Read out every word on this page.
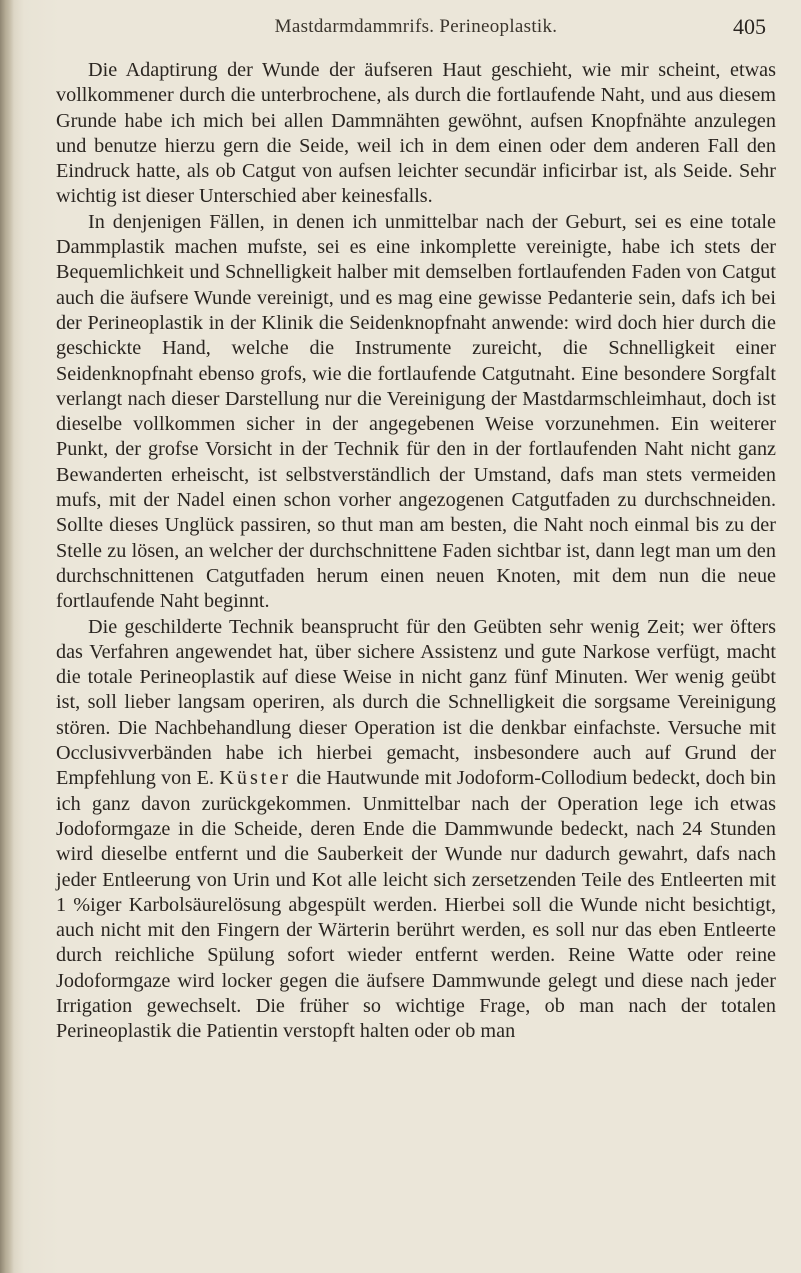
Mastdarmdammrifs. Perineoplastik.	405

Die Adaptirung der Wunde der äufseren Haut geschieht, wie mir scheint, etwas vollkommener durch die unterbrochene, als durch die fortlaufende Naht, und aus diesem Grunde habe ich mich bei allen Dammnähten gewöhnt, aufsen Knopfnähte anzulegen und benutze hierzu gern die Seide, weil ich in dem einen oder dem anderen Fall den Eindruck hatte, als ob Catgut von aufsen leichter secundär inficirbar ist, als Seide. Sehr wichtig ist dieser Unterschied aber keinesfalls.

In denjenigen Fällen, in denen ich unmittelbar nach der Geburt, sei es eine totale Dammplastik machen mufste, sei es eine inkomplette vereinigte, habe ich stets der Bequemlichkeit und Schnelligkeit halber mit demselben fortlaufenden Faden von Catgut auch die äufsere Wunde vereinigt, und es mag eine gewisse Pedanterie sein, dafs ich bei der Perineoplastik in der Klinik die Seidenknopfnaht anwende: wird doch hier durch die geschickte Hand, welche die Instrumente zureicht, die Schnelligkeit einer Seidenknopfnaht ebenso grofs, wie die fortlaufende Catgutnaht. Eine besondere Sorgfalt verlangt nach dieser Darstellung nur die Vereinigung der Mastdarmschleimhaut, doch ist dieselbe vollkommen sicher in der angegebenen Weise vorzunehmen. Ein weiterer Punkt, der grofse Vorsicht in der Technik für den in der fortlaufenden Naht nicht ganz Bewanderten erheischt, ist selbstverständlich der Umstand, dafs man stets vermeiden mufs, mit der Nadel einen schon vorher angezogenen Catgutfaden zu durchschneiden. Sollte dieses Unglück passiren, so thut man am besten, die Naht noch einmal bis zu der Stelle zu lösen, an welcher der durchschnittene Faden sichtbar ist, dann legt man um den durchschnittenen Catgutfaden herum einen neuen Knoten, mit dem nun die neue fortlaufende Naht beginnt.

Die geschilderte Technik beansprucht für den Geübten sehr wenig Zeit; wer öfters das Verfahren angewendet hat, über sichere Assistenz und gute Narkose verfügt, macht die totale Perineoplastik auf diese Weise in nicht ganz fünf Minuten. Wer wenig geübt ist, soll lieber langsam operiren, als durch die Schnelligkeit die sorgsame Vereinigung stören. Die Nachbehandlung dieser Operation ist die denkbar einfachste. Versuche mit Occlusivverbänden habe ich hierbei gemacht, insbesondere auch auf Grund der Empfehlung von E. Küster die Hautwunde mit Jodoform-Collodium bedeckt, doch bin ich ganz davon zurückgekommen. Unmittelbar nach der Operation lege ich etwas Jodoformgaze in die Scheide, deren Ende die Dammwunde bedeckt, nach 24 Stunden wird dieselbe entfernt und die Sauberkeit der Wunde nur dadurch gewahrt, dafs nach jeder Entleerung von Urin und Kot alle leicht sich zersetzenden Teile des Entleerten mit 1 %iger Karbolsäurelösung abgespült werden. Hierbei soll die Wunde nicht besichtigt, auch nicht mit den Fingern der Wärterin berührt werden, es soll nur das eben Entleerte durch reichliche Spülung sofort wieder entfernt werden. Reine Watte oder reine Jodoformgaze wird locker gegen die äufsere Dammwunde gelegt und diese nach jeder Irrigation gewechselt. Die früher so wichtige Frage, ob man nach der totalen Perineoplastik die Patientin verstopft halten oder ob man
